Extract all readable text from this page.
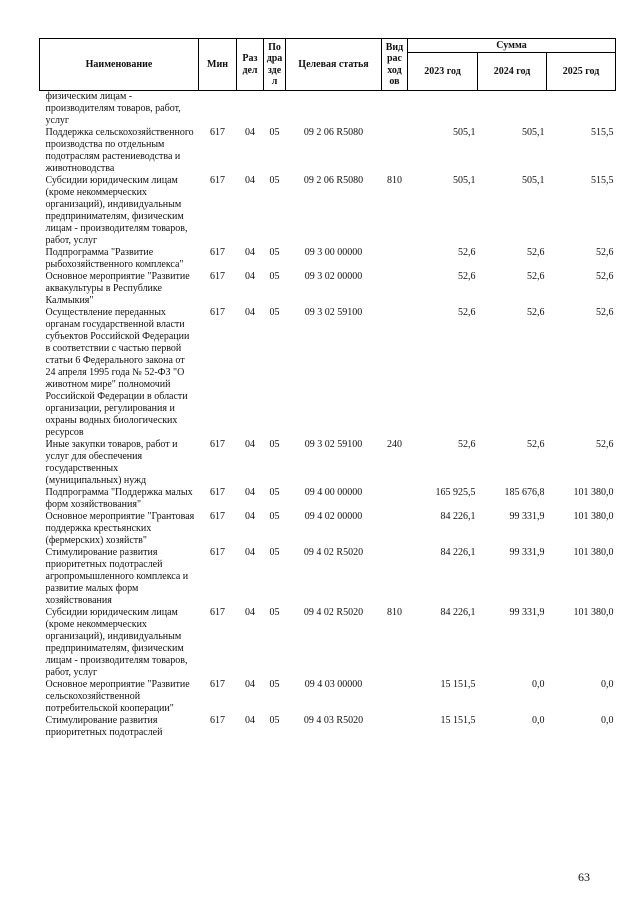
Наименование	Мин	Раз дел	По дра зде л	Целевая статья	Вид рас ход ов	Сумма		
						2023 год	2024 год	2025 год
физическим лицам - производителям товаров, работ, услуг								
Поддержка сельскохозяйственного производства по отдельным подотраслям растениеводства и животноводства	617	04	05	09 2 06 R5080		505,1	505,1	515,5
Субсидии юридическим лицам (кроме некоммерческих организаций), индивидуальным предпринимателям, физическим лицам - производителям товаров, работ, услуг	617	04	05	09 2 06 R5080	810	505,1	505,1	515,5
Подпрограмма "Развитие рыбохозяйственного комплекса"	617	04	05	09 3 00 00000		52,6	52,6	52,6
Основное мероприятие "Развитие аквакультуры в Республике Калмыкия"	617	04	05	09 3 02 00000		52,6	52,6	52,6
Осуществление переданных органам государственной власти субъектов Российской Федерации в соответствии с частью первой статьи 6 Федерального закона от 24 апреля 1995 года № 52-ФЗ "О животном мире" полномочий Российской Федерации в области организации, регулирования и охраны водных биологических ресурсов	617	04	05	09 3 02 59100		52,6	52,6	52,6
Иные закупки товаров, работ и услуг для обеспечения государственных (муниципальных) нужд	617	04	05	09 3 02 59100	240	52,6	52,6	52,6
Подпрограмма "Поддержка малых форм хозяйствования"	617	04	05	09 4 00 00000		165 925,5	185 676,8	101 380,0
Основное мероприятие "Грантовая поддержка крестьянских (фермерских) хозяйств"	617	04	05	09 4 02 00000		84 226,1	99 331,9	101 380,0
Стимулирование развития приоритетных подотраслей агропромышленного комплекса и развитие малых форм хозяйствования	617	04	05	09 4 02 R5020		84 226,1	99 331,9	101 380,0
Субсидии юридическим лицам (кроме некоммерческих организаций), индивидуальным предпринимателям, физическим лицам - производителям товаров, работ, услуг	617	04	05	09 4 02 R5020	810	84 226,1	99 331,9	101 380,0
Основное мероприятие "Развитие сельскохозяйственной потребительской кооперации"	617	04	05	09 4 03 00000		15 151,5	0,0	0,0
Стимулирование развития приоритетных подотраслей	617	04	05	09 4 03 R5020		15 151,5	0,0	0,0
63
